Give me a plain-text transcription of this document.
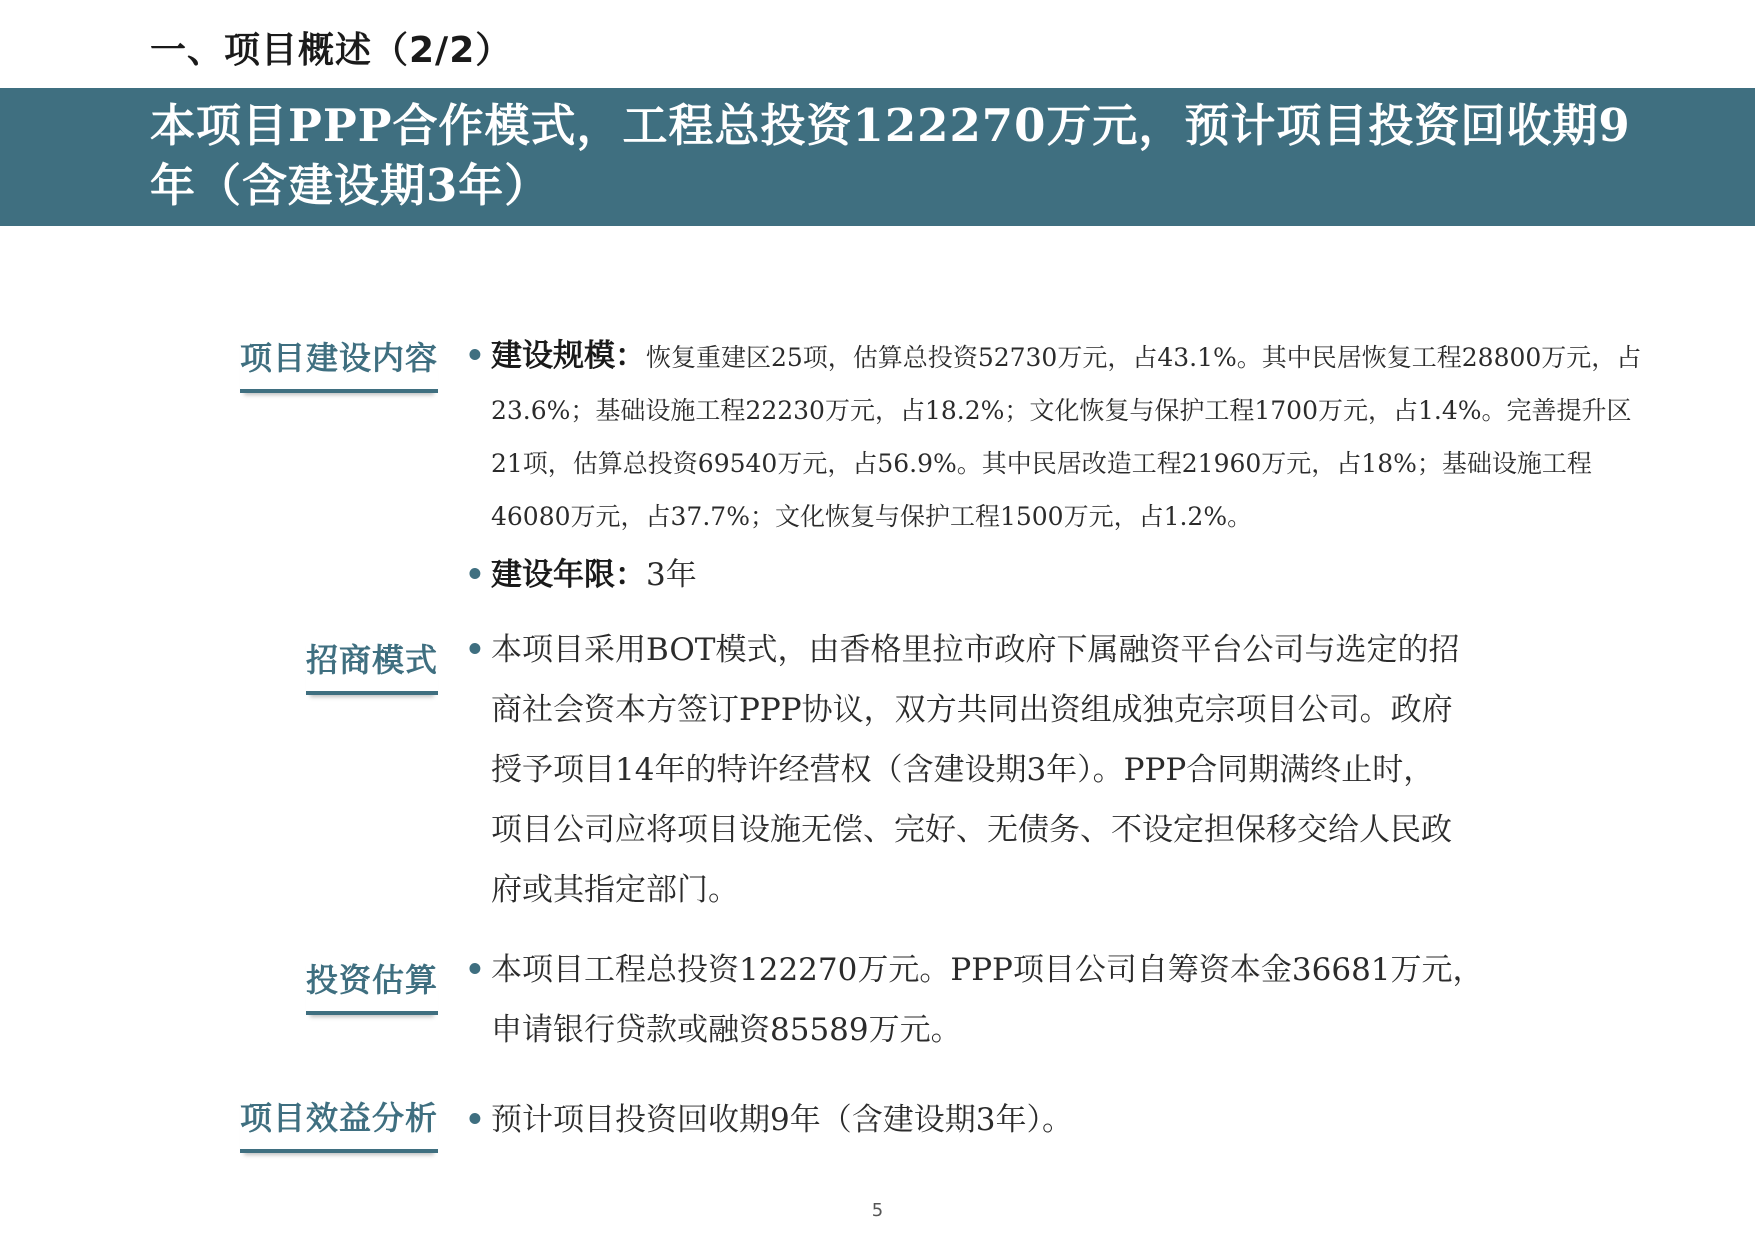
一、项目概述（2/2）
本项目PPP合作模式，工程总投资122270万元，预计项目投资回收期9年（含建设期3年）
项目建设内容 • 建设规模：恢复重建区25项，估算总投资52730万元，占43.1%。其中民居恢复工程28800万元，占23.6%；基础设施工程22230万元，占18.2%；文化恢复与保护工程1700万元，占1.4%。完善提升区21项，估算总投资69540万元，占56.9%。其中民居改造工程21960万元，占18%；基础设施工程46080万元，占37.7%；文化恢复与保护工程1500万元，占1.2%。
• 建设年限：3年
招商模式 • 本项目采用BOT模式，由香格里拉市政府下属融资平台公司与选定的招商社会资本方签订PPP协议，双方共同出资组成独克宗项目公司。政府授予项目14年的特许经营权（含建设期3年）。PPP合同期满终止时，项目公司应将项目设施无偿、完好、无债务、不设定担保移交给人民政府或其指定部门。
投资估算 • 本项目工程总投资122270万元。PPP项目公司自筹资本金36681万元，申请银行贷款或融资85589万元。
项目效益分析 • 预计项目投资回收期9年（含建设期3年）。
5
